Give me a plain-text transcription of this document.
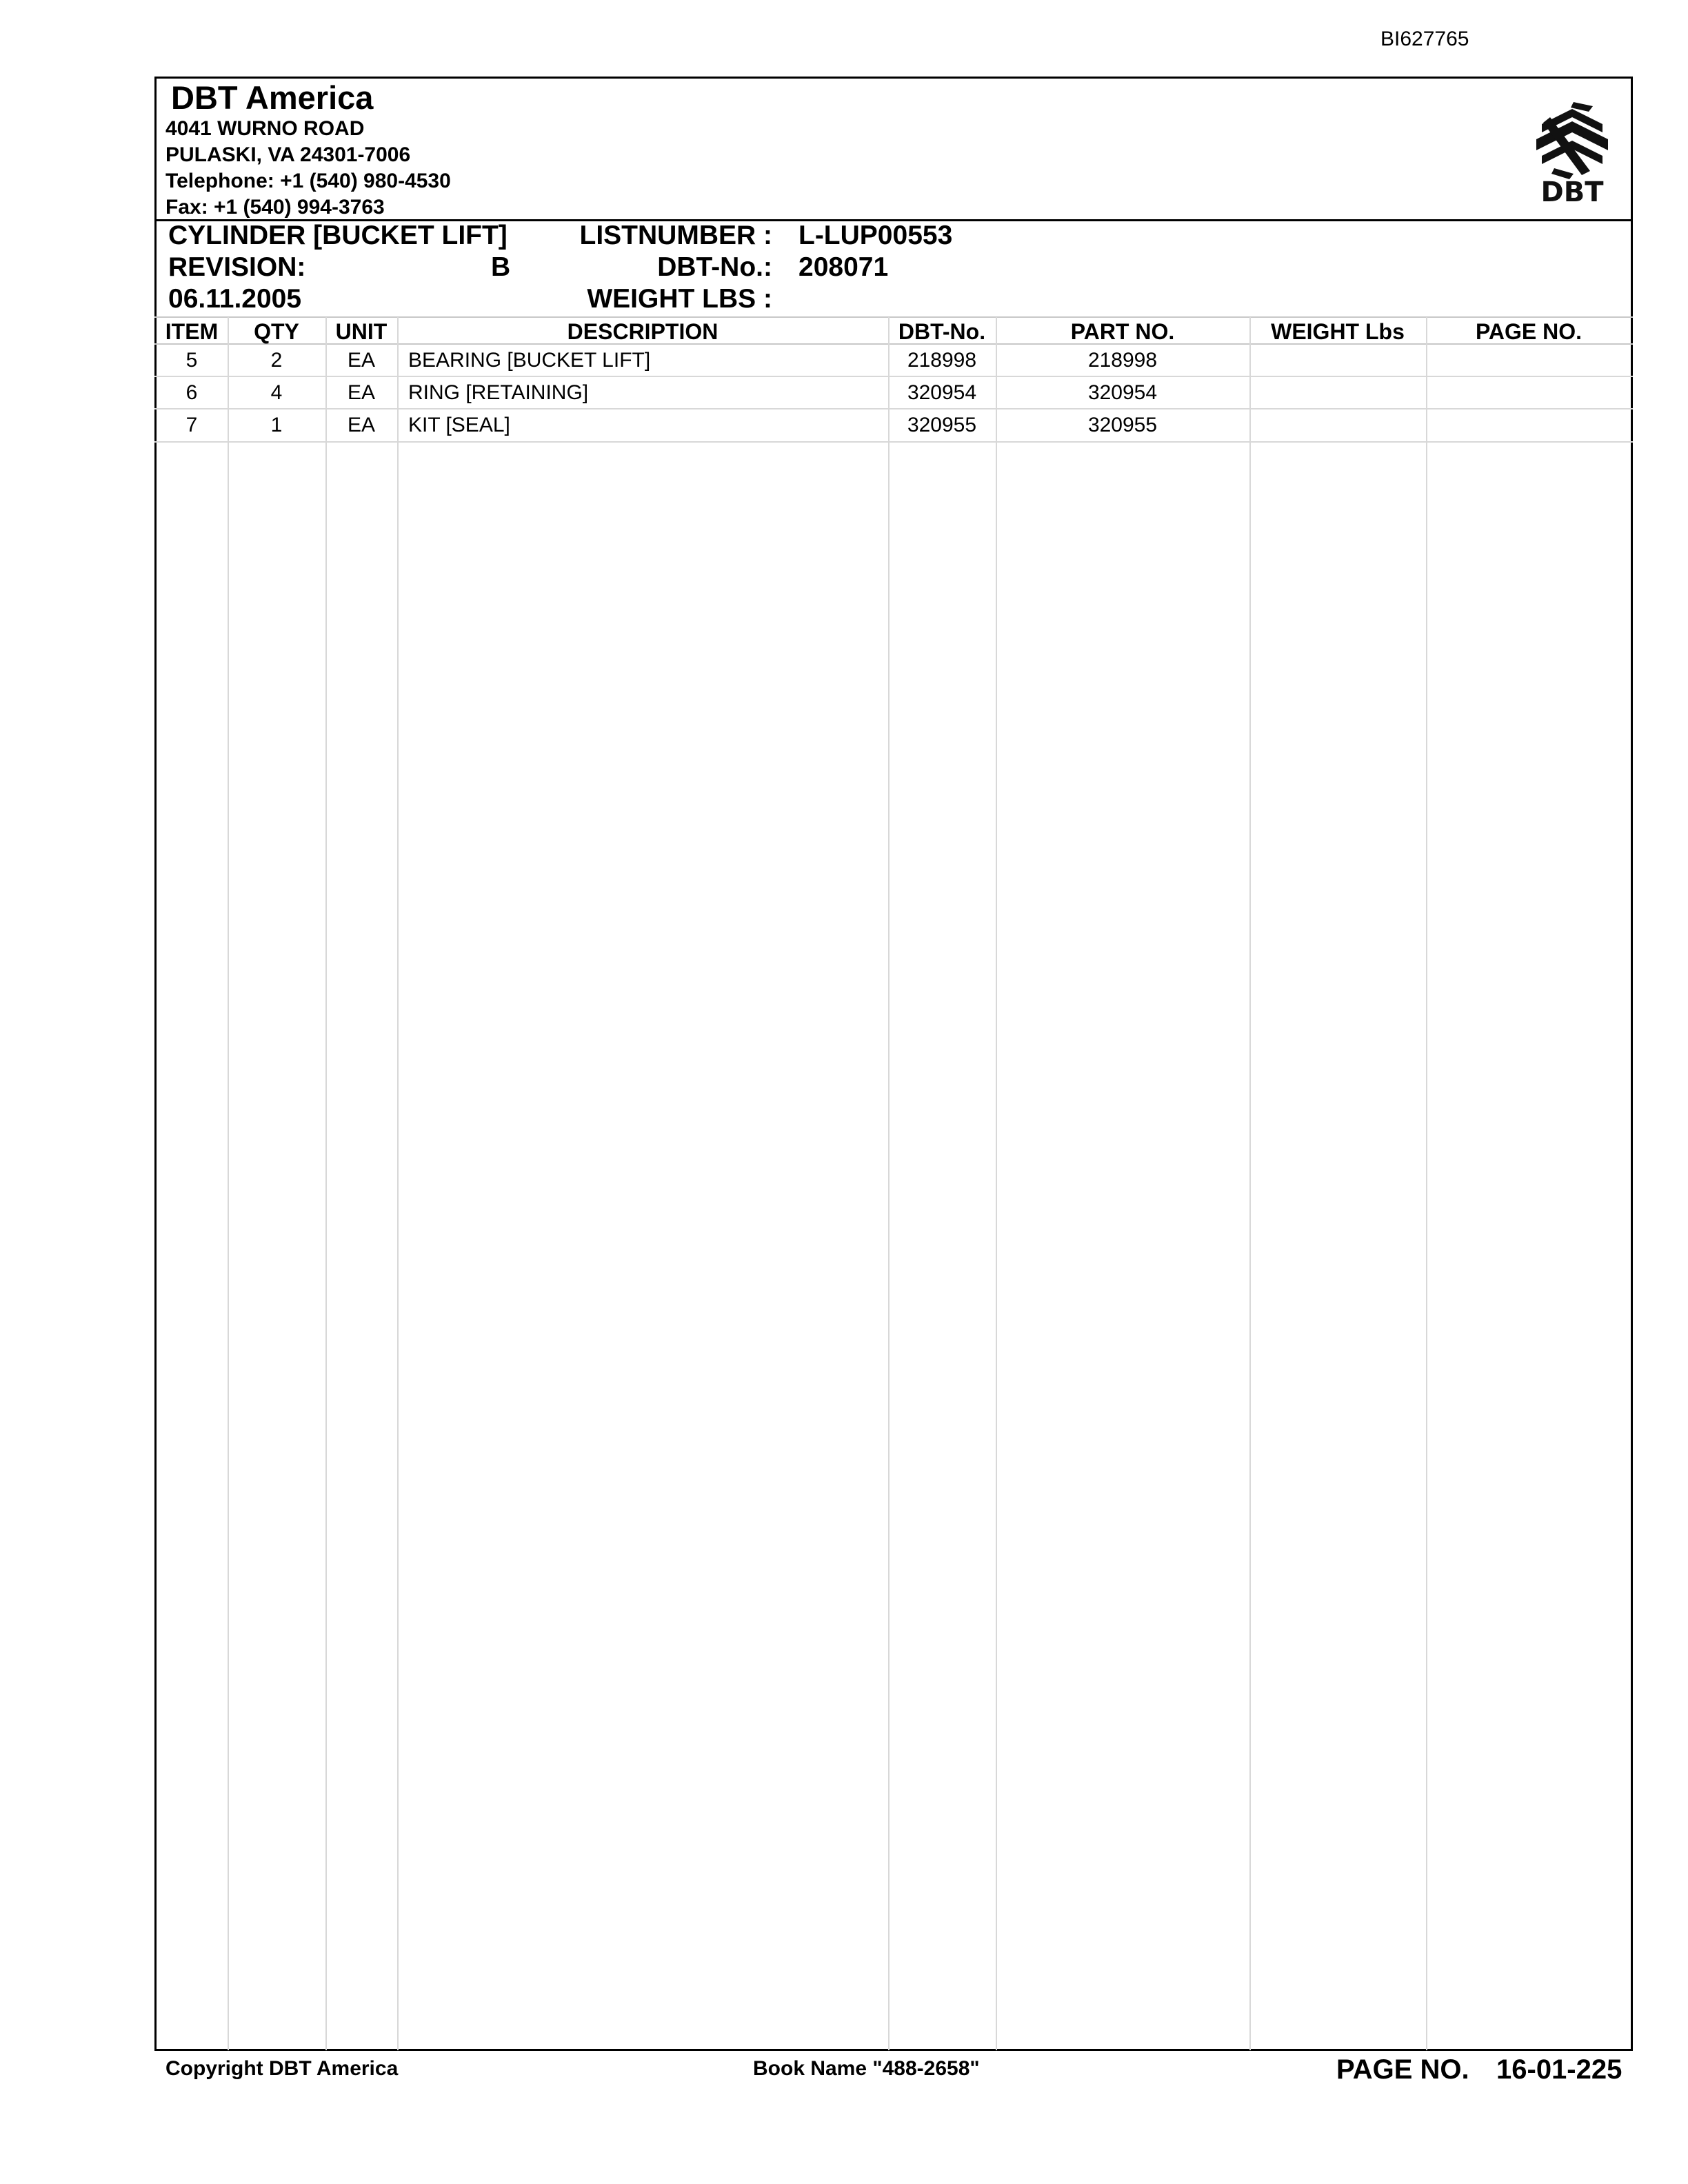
BI627765
DBT America
4041 WURNO ROAD
PULASKI, VA 24301-7006
Telephone: +1 (540) 980-4530
Fax: +1 (540) 994-3763	DBT
CYLINDER [BUCKET LIFT]
REVISION:	B
06.11.2005
LISTNUMBER : L-LUP00553
DBT-No.: 208071
WEIGHT LBS :
ITEM	QTY	UNIT	DESCRIPTION	DBT-No.	PART NO.	WEIGHT Lbs	PAGE NO.
5	2	EA	BEARING [BUCKET LIFT]	218998	218998
6	4	EA	RING [RETAINING]	320954	320954
7	1	EA	KIT [SEAL]	320955	320955
Copyright DBT America	Book Name "488-2658"	PAGE NO. 16-01-225
